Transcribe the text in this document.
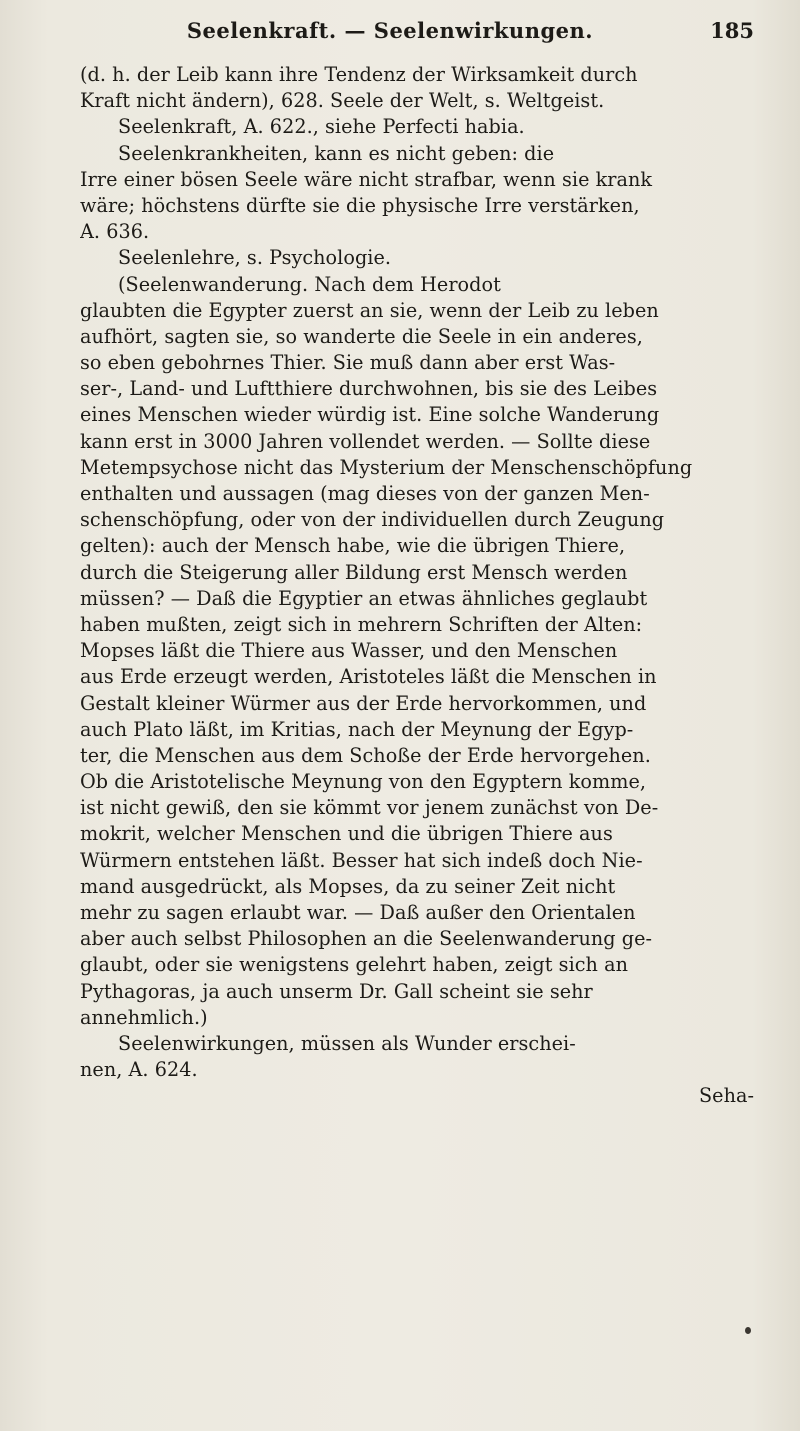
Seelenkraft. — Seelenwirkungen.	185
(d. h. der Leib kann ihre Tendenz der Wirksamkeit durch
Kraft nicht ändern), 628. Seele der Welt, s. Weltgeist.
Seelenkraft, A. 622., siehe Perfecti habia.
Seelenkrankheiten, kann es nicht geben: die
Irre einer bösen Seele wäre nicht strafbar, wenn sie krank
wäre; höchstens dürfte sie die physische Irre verstärken,
A. 636.
Seelenlehre, s. Psychologie.
(Seelenwanderung. Nach dem Herodot
glaubten die Egypter zuerst an sie, wenn der Leib zu leben
aufhört, sagten sie, so wanderte die Seele in ein anderes,
so eben gebohrnes Thier. Sie muß dann aber erst Was-
ser-, Land- und Luftthiere durchwohnen, bis sie des Leibes
eines Menschen wieder würdig ist. Eine solche Wanderung
kann erst in 3000 Jahren vollendet werden. — Sollte diese
Metempsychose nicht das Mysterium der Menschenschöpfung
enthalten und aussagen (mag dieses von der ganzen Men-
schenschöpfung, oder von der individuellen durch Zeugung
gelten): auch der Mensch habe, wie die übrigen Thiere,
durch die Steigerung aller Bildung erst Mensch werden
müssen? — Daß die Egyptier an etwas ähnliches geglaubt
haben mußten, zeigt sich in mehrern Schriften der Alten:
Mopses läßt die Thiere aus Wasser, und den Menschen
aus Erde erzeugt werden, Aristoteles läßt die Menschen in
Gestalt kleiner Würmer aus der Erde hervorkommen, und
auch Plato läßt, im Kritias, nach der Meynung der Egyp-
ter, die Menschen aus dem Schoße der Erde hervorgehen.
Ob die Aristotelische Meynung von den Egyptern komme,
ist nicht gewiß, den sie kömmt vor jenem zunächst von De-
mokrit, welcher Menschen und die übrigen Thiere aus
Würmern entstehen läßt. Besser hat sich indeß doch Nie-
mand ausgedrückt, als Mopses, da zu seiner Zeit nicht
mehr zu sagen erlaubt war. — Daß außer den Orientalen
aber auch selbst Philosophen an die Seelenwanderung ge-
glaubt, oder sie wenigstens gelehrt haben, zeigt sich an
Pythagoras, ja auch unserm Dr. Gall scheint sie sehr
annehmlich.)
Seelenwirkungen, müssen als Wunder erschei-
nen, A. 624.
Seha-
